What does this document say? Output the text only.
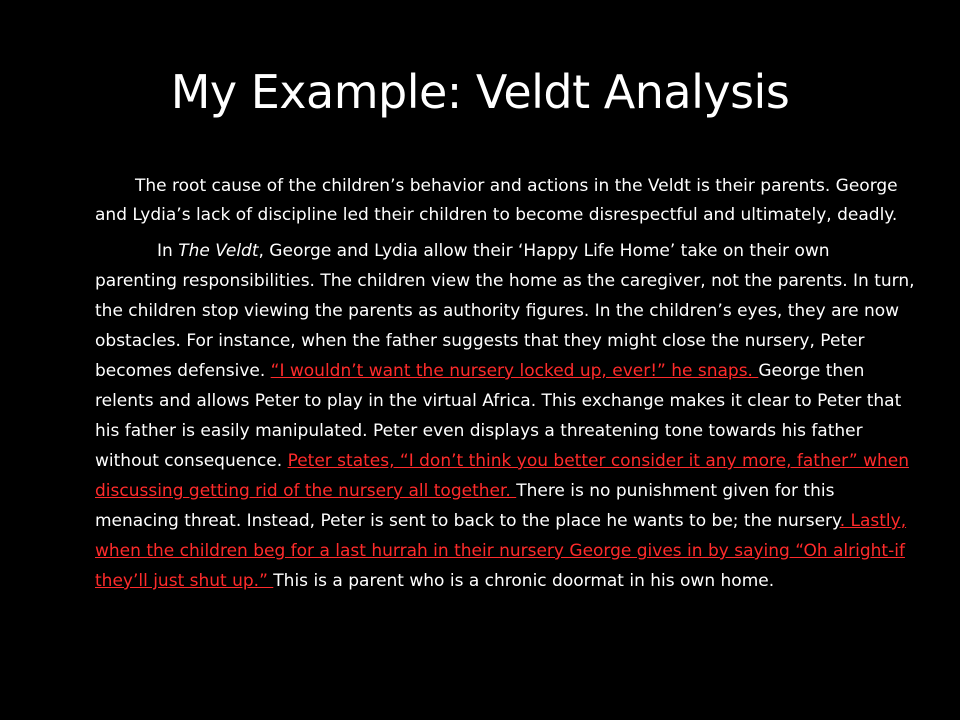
My Example: Veldt Analysis

The root cause of the children’s behavior and actions in the Veldt is their parents. George and Lydia’s lack of discipline led their children to become disrespectful and ultimately, deadly.

In The Veldt, George and Lydia allow their ‘Happy Life Home’ take on their own parenting responsibilities. The children view the home as the caregiver, not the parents. In turn, the children stop viewing the parents as authority figures. In the children’s eyes, they are now obstacles. For instance, when the father suggests that they might close the nursery, Peter becomes defensive. “I wouldn’t want the nursery locked up, ever!” he snaps. George then relents and allows Peter to play in the virtual Africa. This exchange makes it clear to Peter that his father is easily manipulated. Peter even displays a threatening tone towards his father without consequence. Peter states, “I don’t think you better consider it any more, father” when discussing getting rid of the nursery all together. There is no punishment given for this menacing threat. Instead, Peter is sent to back to the place he wants to be; the nursery. Lastly, when the children beg for a last hurrah in their nursery George gives in by saying “Oh alright-if they’ll just shut up.” This is a parent who is a chronic doormat in his own home.
